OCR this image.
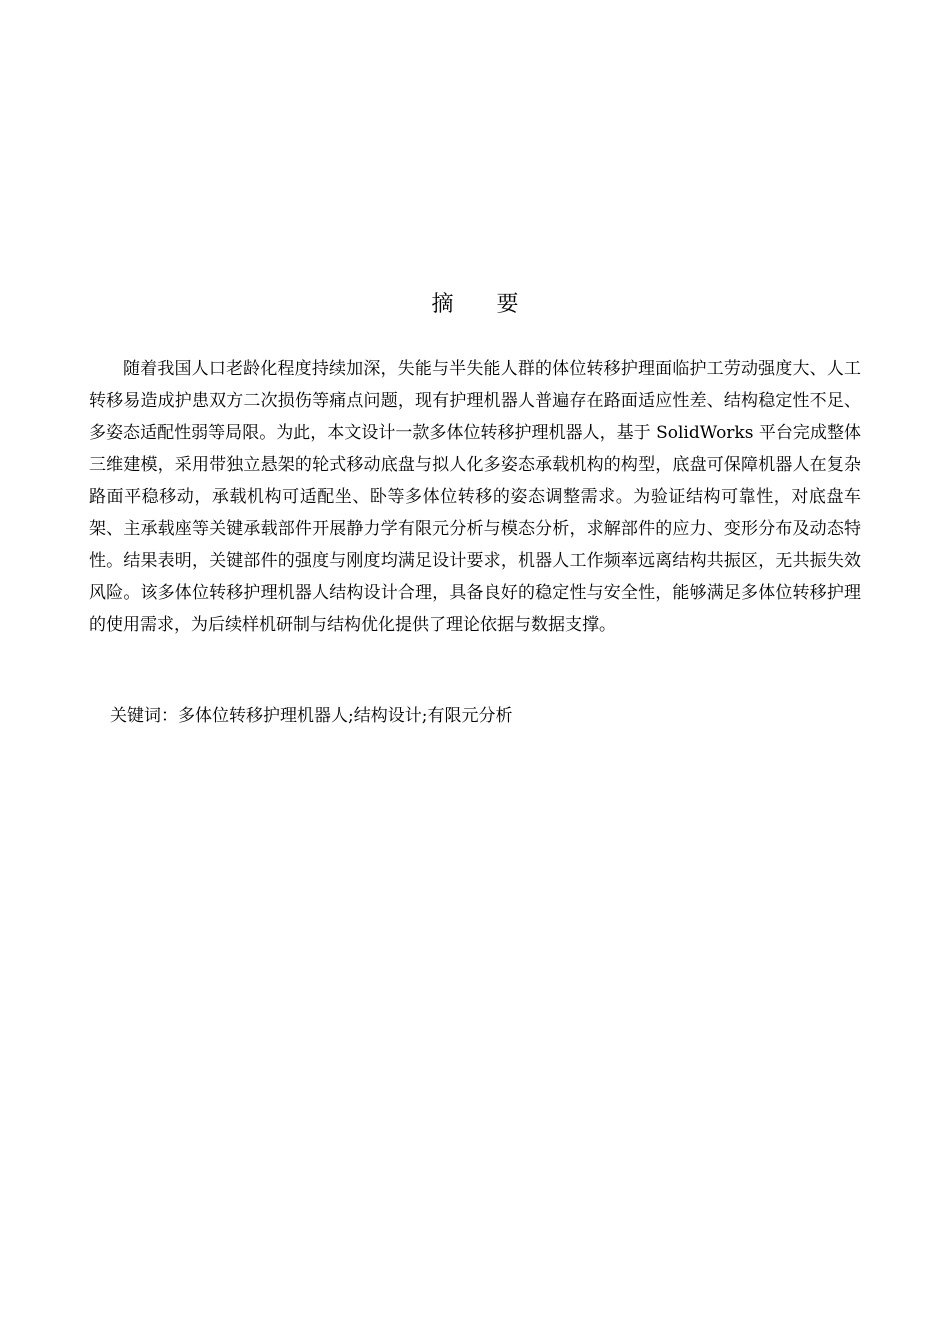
摘 要

随着我国人口老龄化程度持续加深，失能与半失能人群的体位转移护理面临护工劳动强度大、人工转移易造成护患双方二次损伤等痛点问题，现有护理机器人普遍存在路面适应性差、结构稳定性不足、多姿态适配性弱等局限。为此，本文设计一款多体位转移护理机器人，基于 SolidWorks 平台完成整体三维建模，采用带独立悬架的轮式移动底盘与拟人化多姿态承载机构的构型，底盘可保障机器人在复杂路面平稳移动，承载机构可适配坐、卧等多体位转移的姿态调整需求。为验证结构可靠性，对底盘车架、主承载座等关键承载部件开展静力学有限元分析与模态分析，求解部件的应力、变形分布及动态特性。结果表明，关键部件的强度与刚度均满足设计要求，机器人工作频率远离结构共振区，无共振失效风险。该多体位转移护理机器人结构设计合理，具备良好的稳定性与安全性，能够满足多体位转移护理的使用需求，为后续样机研制与结构优化提供了理论依据与数据支撑。

关键词：多体位转移护理机器人;结构设计;有限元分析
